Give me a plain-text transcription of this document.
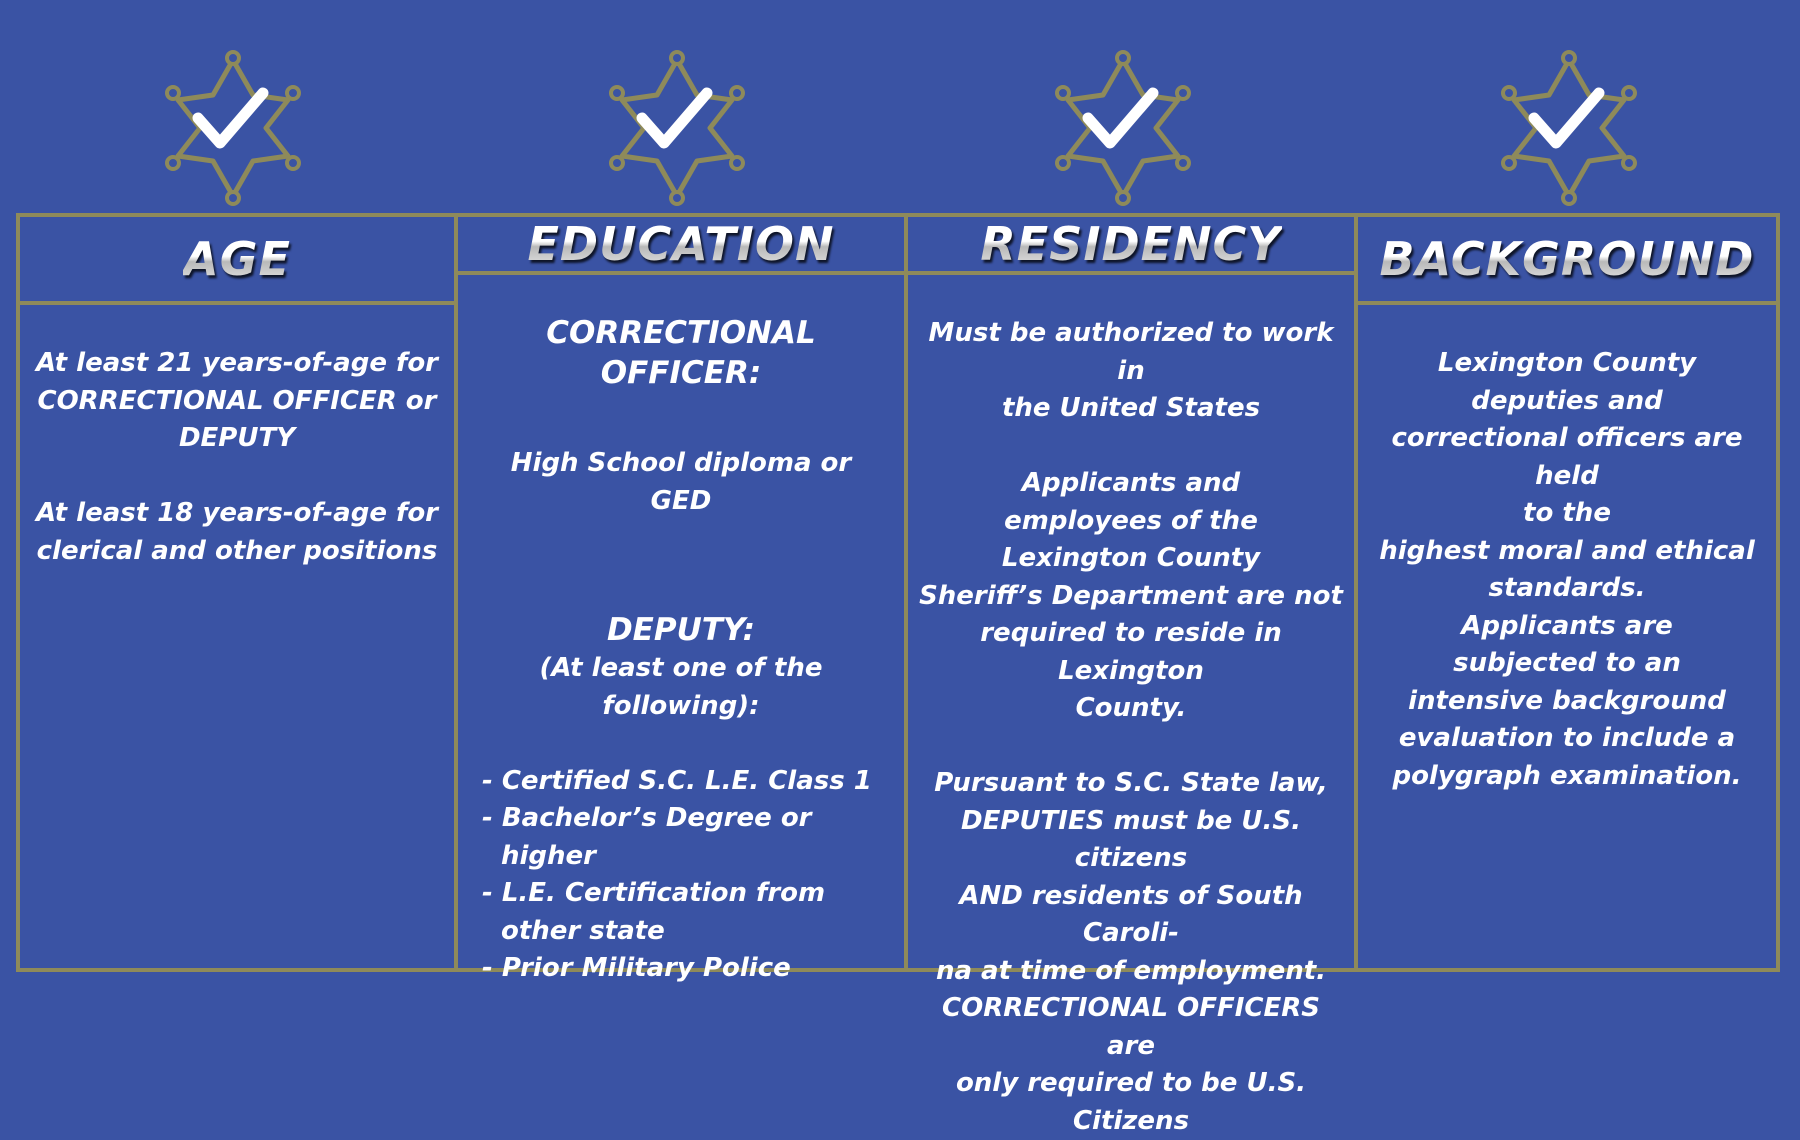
AGE

At least 21 years-of-age for

CORRECTIONAL OFFICER or

DEPUTY

At least 18 years-of-age for

clerical and other positions

EDUCATION

CORRECTIONAL OFFICER:

High School diploma or

GED

DEPUTY:

(At least one of the following):

- Certified S.C. L.E. Class 1

- Bachelor’s Degree or higher

- L.E. Certification from other state

- Prior Military Police

RESIDENCY

Must be authorized to work in

the United States

Applicants and

employees of the

Lexington County

Sheriff’s Department are not

required to reside in Lexington

County.

Pursuant to S.C. State law,

DEPUTIES must be U.S. citizens

AND residents of South Caroli-

na at time of employment.

CORRECTIONAL OFFICERS are

only required to be U.S. Citizens

BACKGROUND

Lexington County

deputies and

correctional officers are held

to the

highest moral and ethical

standards.

Applicants are

subjected to an

intensive background

evaluation to include a

polygraph examination.
